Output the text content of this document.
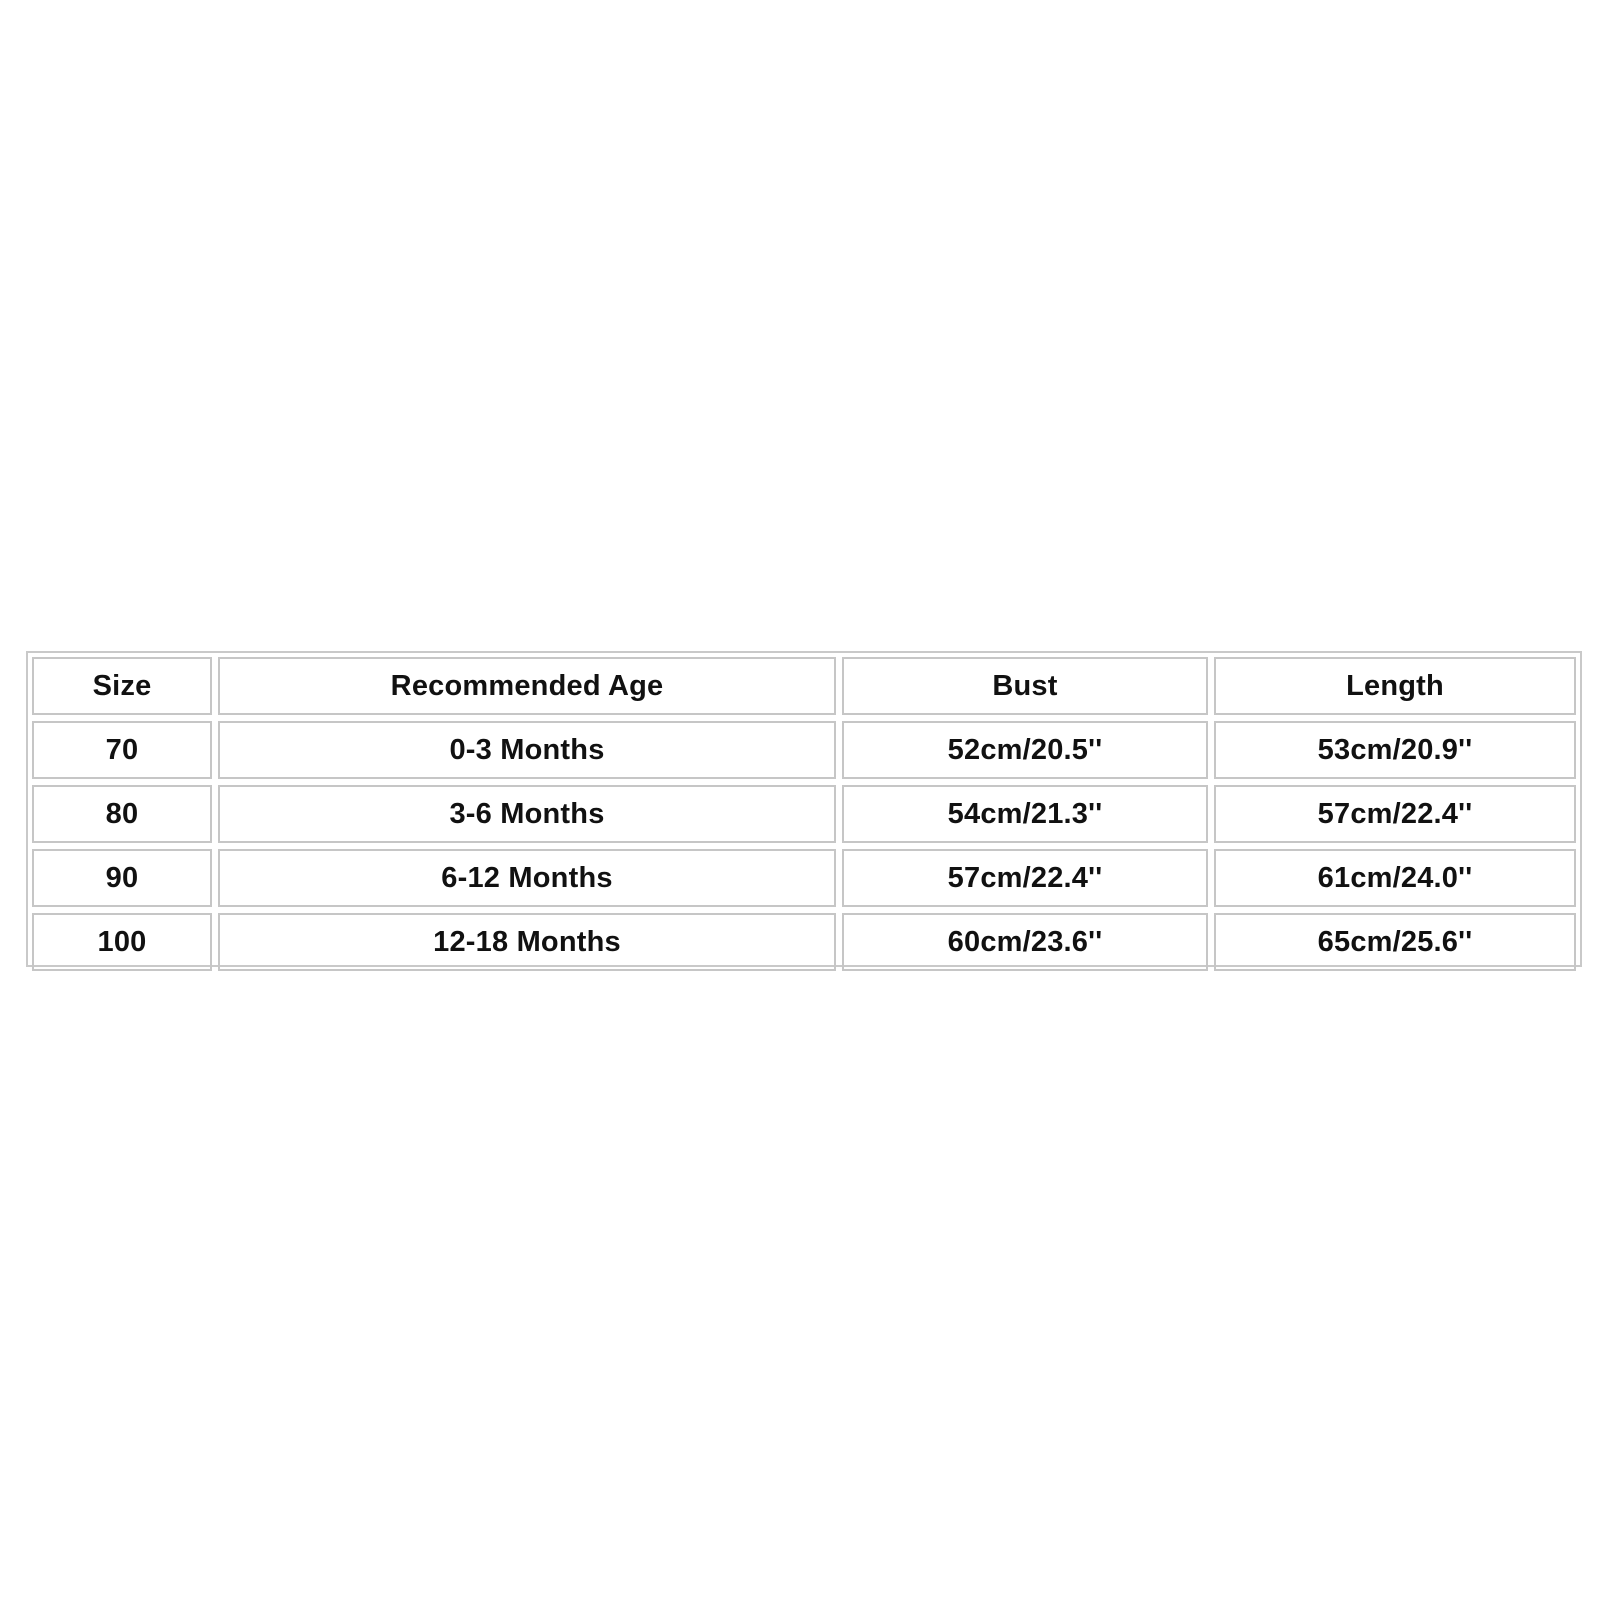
Size	Recommended Age	Bust	Length
70	0-3 Months	52cm/20.5''	53cm/20.9''
80	3-6 Months	54cm/21.3''	57cm/22.4''
90	6-12 Months	57cm/22.4''	61cm/24.0''
100	12-18 Months	60cm/23.6''	65cm/25.6''
